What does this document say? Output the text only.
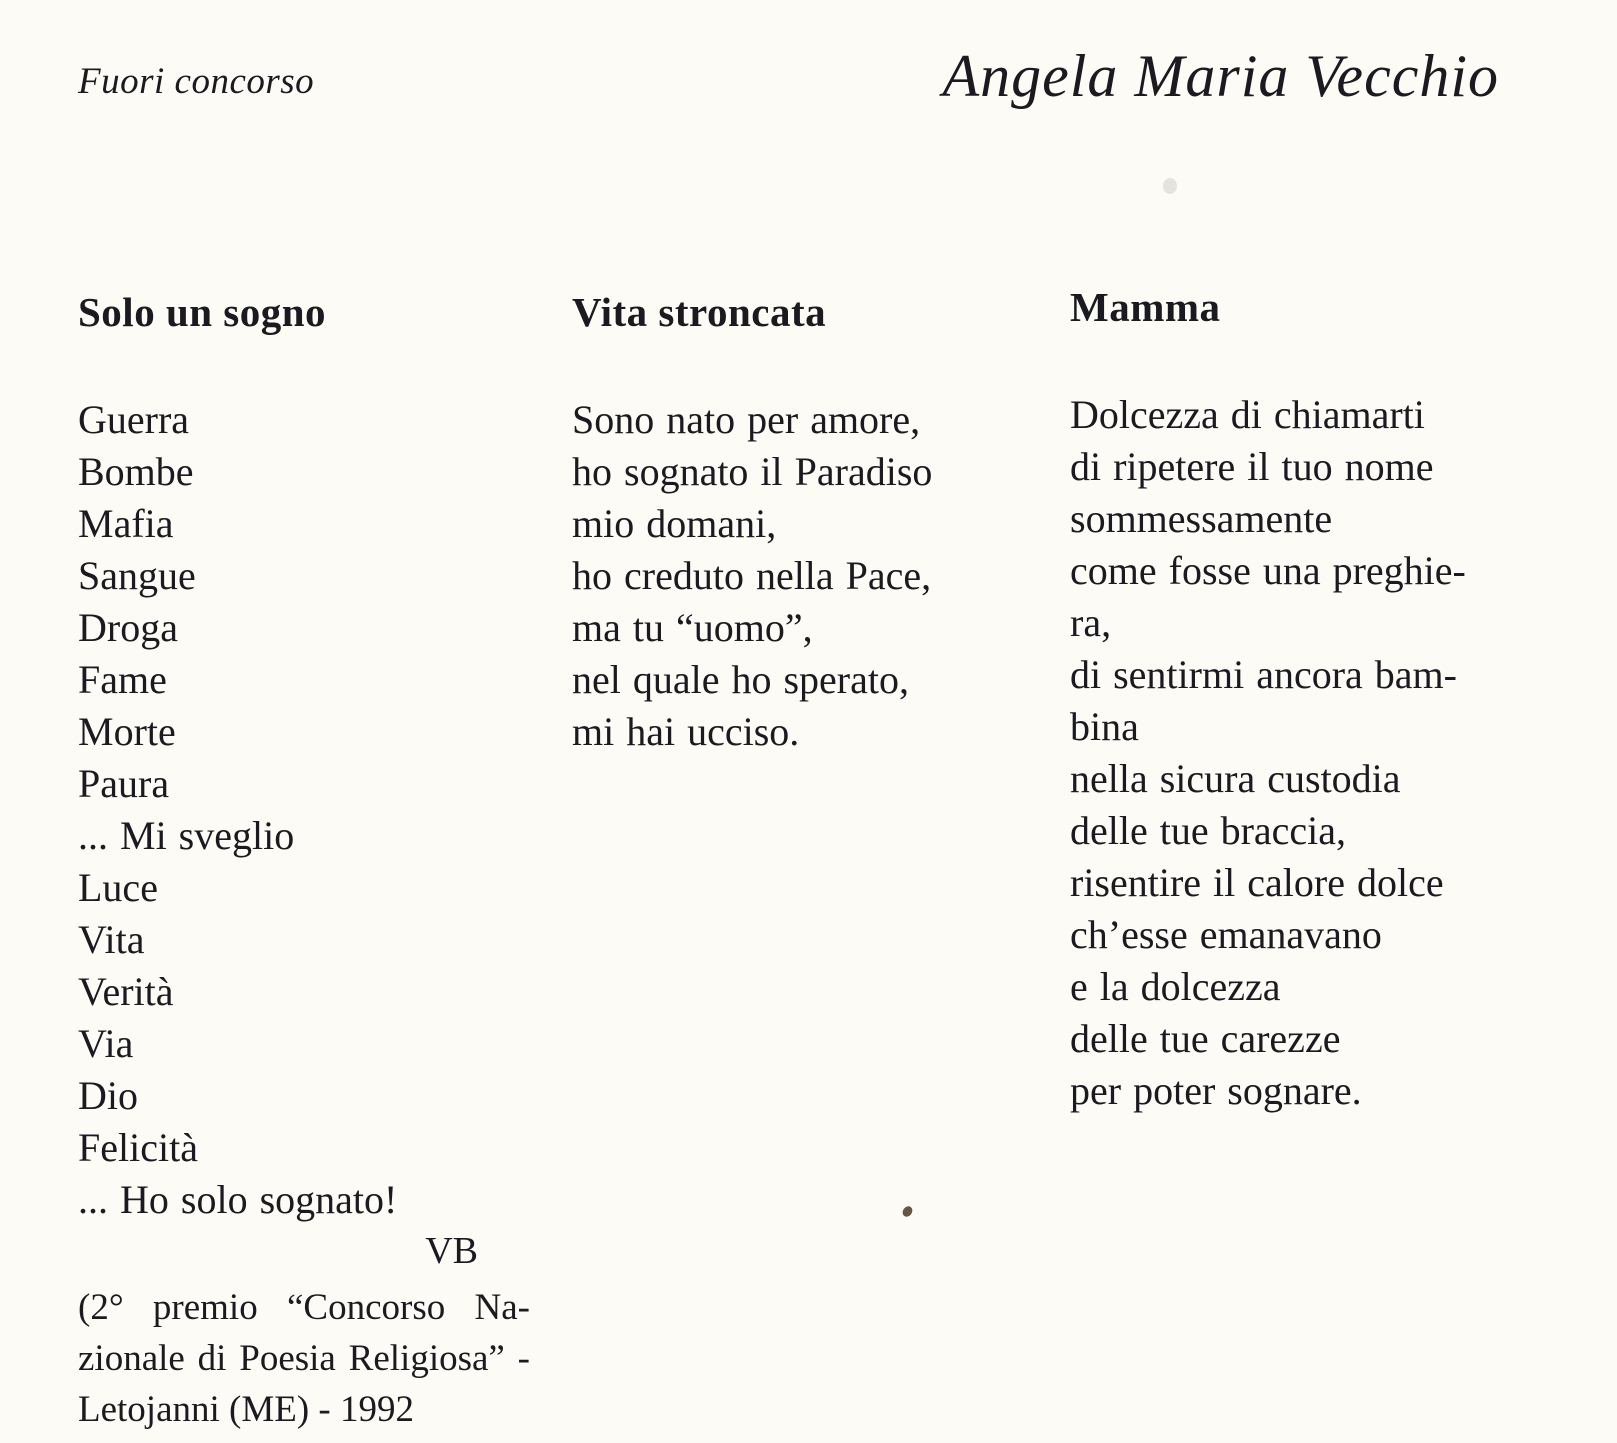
Fuori concorso	Angela Maria Vecchio
Solo un sogno
Guerra
Bombe
Mafia
Sangue
Droga
Fame
Morte
Paura
... Mi sveglio
Luce
Vita
Verità
Via
Dio
Felicità
... Ho solo sognato!
VB
(2° premio “Concorso Na-
zionale di Poesia Religiosa” -
Letojanni (ME) - 1992
Vita stroncata
Sono nato per amore,
ho sognato il Paradiso
mio domani,
ho creduto nella Pace,
ma tu “uomo”,
nel quale ho sperato,
mi hai ucciso.
Mamma
Dolcezza di chiamarti
di ripetere il tuo nome
sommessamente
come fosse una preghie-
ra,
di sentirmi ancora bam-
bina
nella sicura custodia
delle tue braccia,
risentire il calore dolce
ch’esse emanavano
e la dolcezza
delle tue carezze
per poter sognare.
